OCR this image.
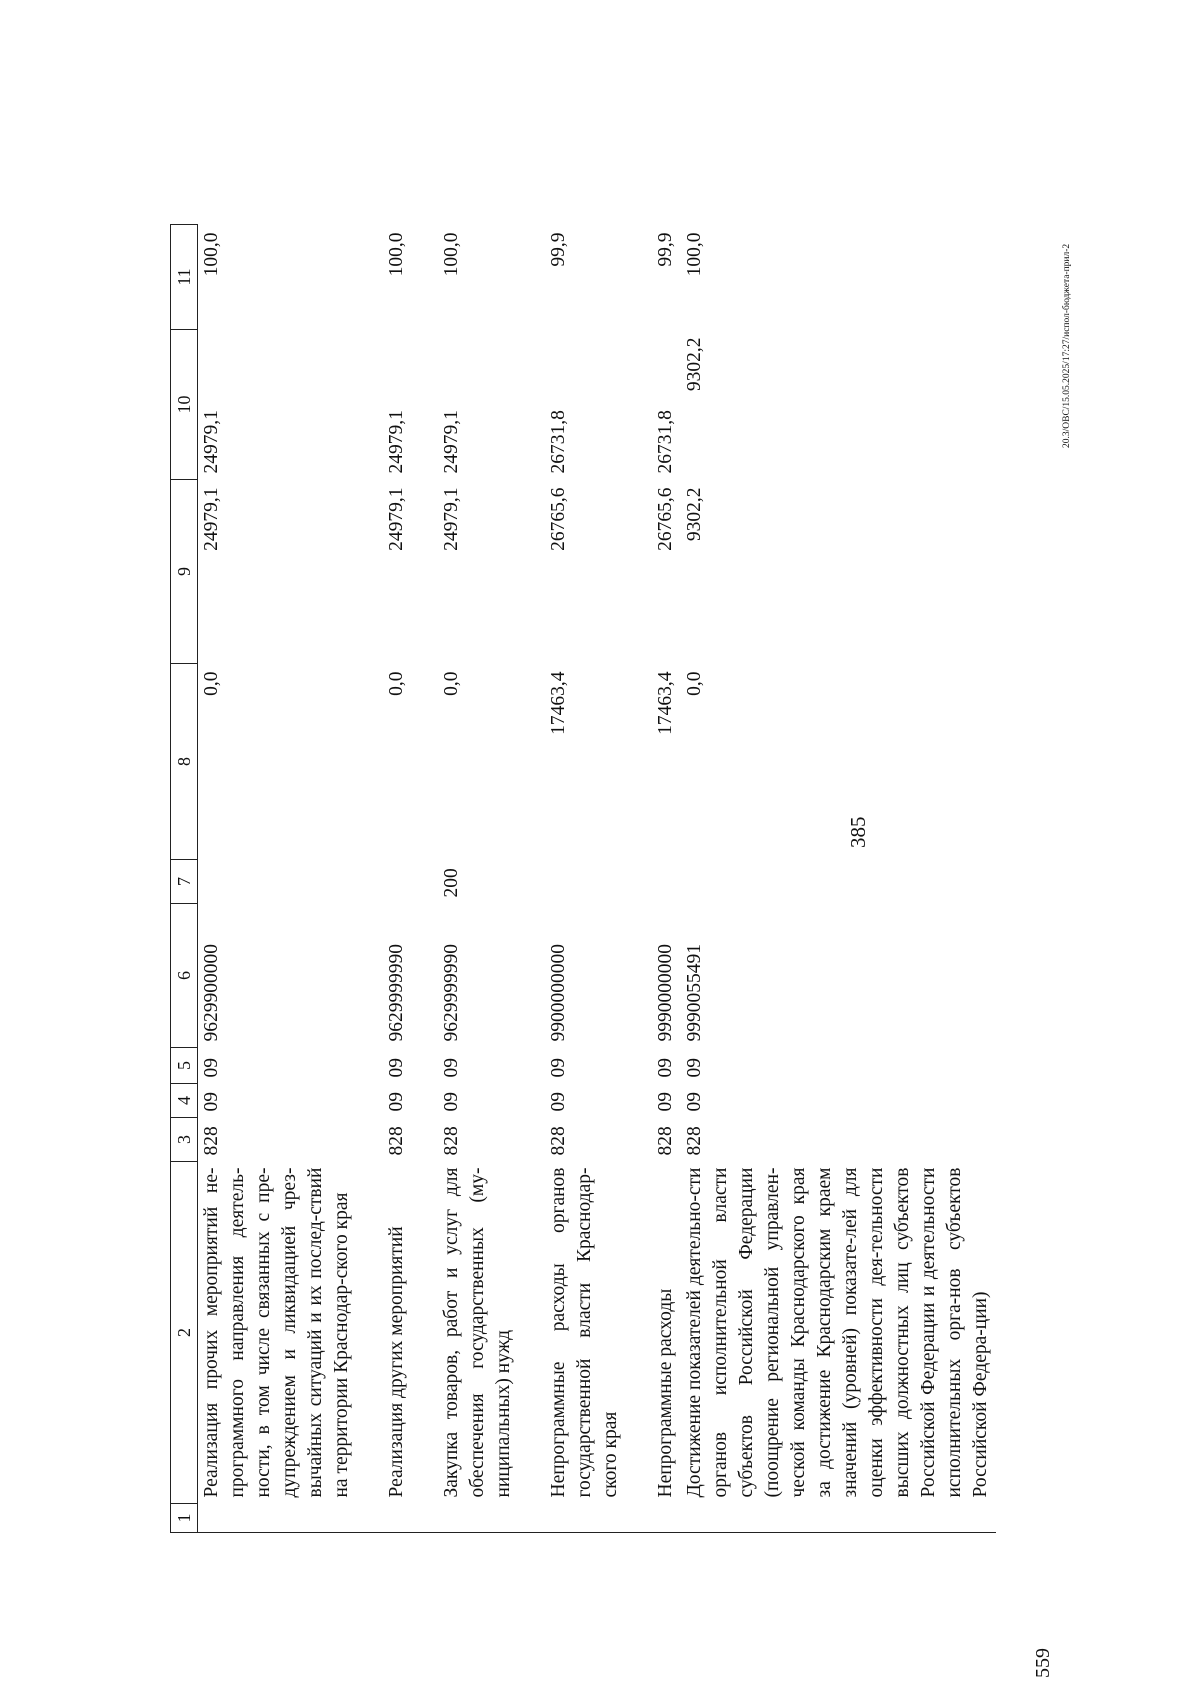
385
1	2	3	4	5	6	7	8	9	10	11
	Реализация прочих мероприятий не-программного направления деятель-ности, в том числе связанных с пре-дупреждением и ликвидацией чрез-вычайных ситуаций и их послед-ствий на территории Краснодар-ского края	828	09	09	9629900000		0,0	24979,1	24979,1	100,0

	Реализация других мероприятий	828	09	09	9629999990		0,0	24979,1	24979,1	100,0

	Закупка товаров, работ и услуг для обеспечения государственных (му-ниципальных) нужд	828	09	09	9629999990	200	0,0	24979,1	24979,1	100,0

	Непрограммные расходы органов государственной власти Краснодар-ского края	828	09	09	9900000000		17463,4	26765,6	26731,8	99,9

	Непрограммные расходы	828	09	09	9990000000		17463,4	26765,6	26731,8	99,9
	Достижение показателей деятельно-сти органов исполнительной власти субъектов Российской Федерации (поощрение региональной управлен-ческой команды Краснодарского края за достижение Краснодарским краем значений (уровней) показате-лей для оценки эффективности дея-тельности высших должностных лиц субъектов Российской Федерации и деятельности исполнительных орга-нов субъектов Российской Федера-ции)	828	09	09	9990055491		0,0	9302,2	9302,2	100,0	20.3/ОВС/15.05.2025/17:27/испол-бюджета-прил-2
559
